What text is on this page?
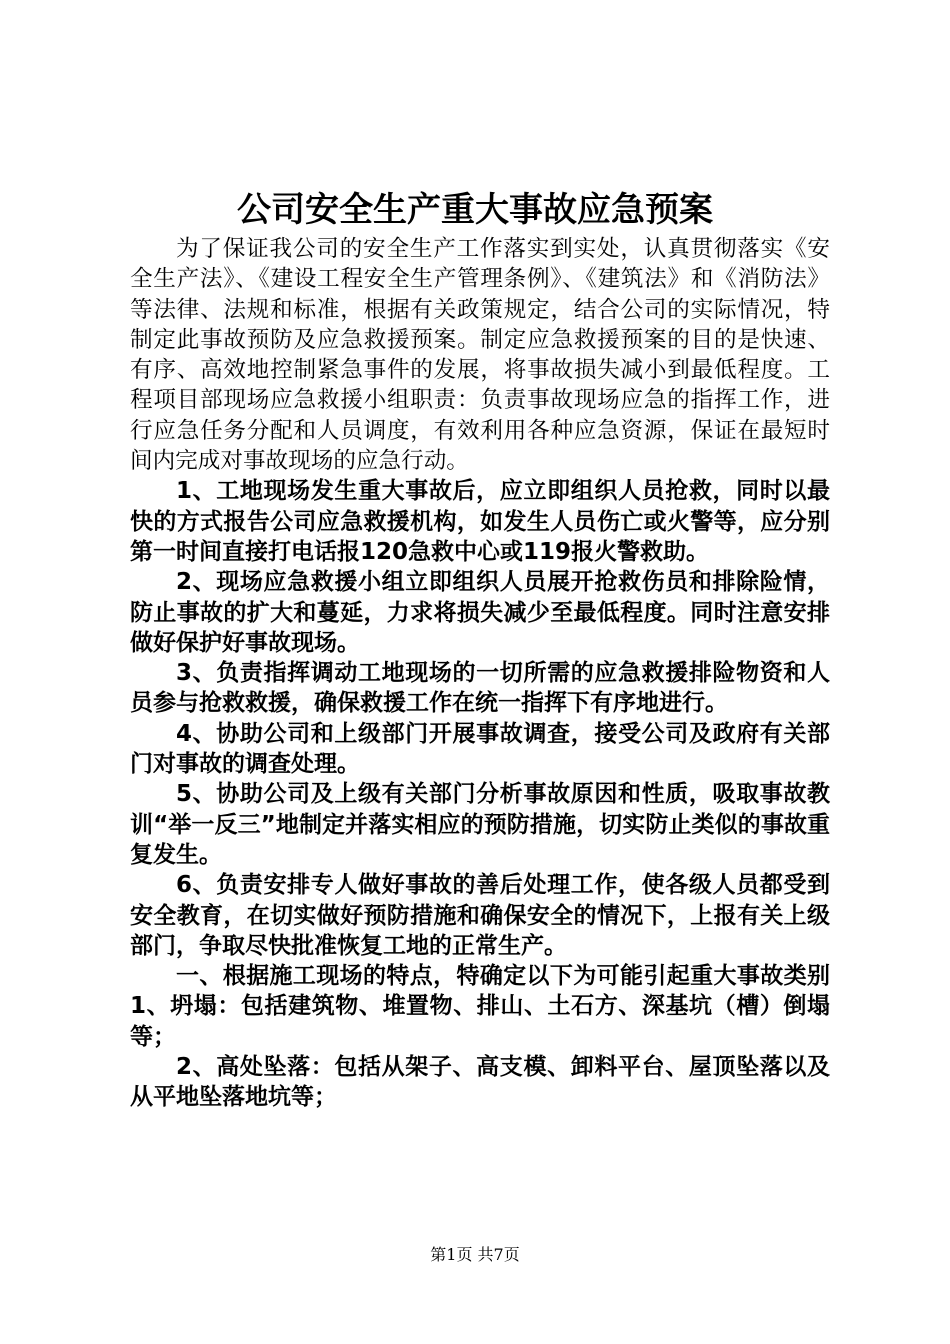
公司安全生产重大事故应急预案

为了保证我公司的安全生产工作落实到实处，认真贯彻落实《安全生产法》、《建设工程安全生产管理条例》、《建筑法》和《消防法》等法律、法规和标准，根据有关政策规定，结合公司的实际情况，特制定此事故预防及应急救援预案。制定应急救援预案的目的是快速、有序、高效地控制紧急事件的发展，将事故损失减小到最低程度。工程项目部现场应急救援小组职责：负责事故现场应急的指挥工作，进行应急任务分配和人员调度，有效利用各种应急资源，保证在最短时间内完成对事故现场的应急行动。

1、工地现场发生重大事故后，应立即组织人员抢救，同时以最快的方式报告公司应急救援机构，如发生人员伤亡或火警等，应分别第一时间直接打电话报120急救中心或119报火警救助。

2、现场应急救援小组立即组织人员展开抢救伤员和排除险情，防止事故的扩大和蔓延，力求将损失减少至最低程度。同时注意安排做好保护好事故现场。

3、负责指挥调动工地现场的一切所需的应急救援排险物资和人员参与抢救救援，确保救援工作在统一指挥下有序地进行。

4、协助公司和上级部门开展事故调查，接受公司及政府有关部门对事故的调查处理。

5、协助公司及上级有关部门分析事故原因和性质，吸取事故教训“举一反三”地制定并落实相应的预防措施，切实防止类似的事故重复发生。

6、负责安排专人做好事故的善后处理工作，使各级人员都受到安全教育，在切实做好预防措施和确保安全的情况下，上报有关上级部门，争取尽快批准恢复工地的正常生产。

一、根据施工现场的特点，特确定以下为可能引起重大事故类别1、坍塌：包括建筑物、堆置物、排山、土石方、深基坑（槽）倒塌等；

2、高处坠落：包括从架子、高支模、卸料平台、屋顶坠落以及从平地坠落地坑等；

第1页 共7页
